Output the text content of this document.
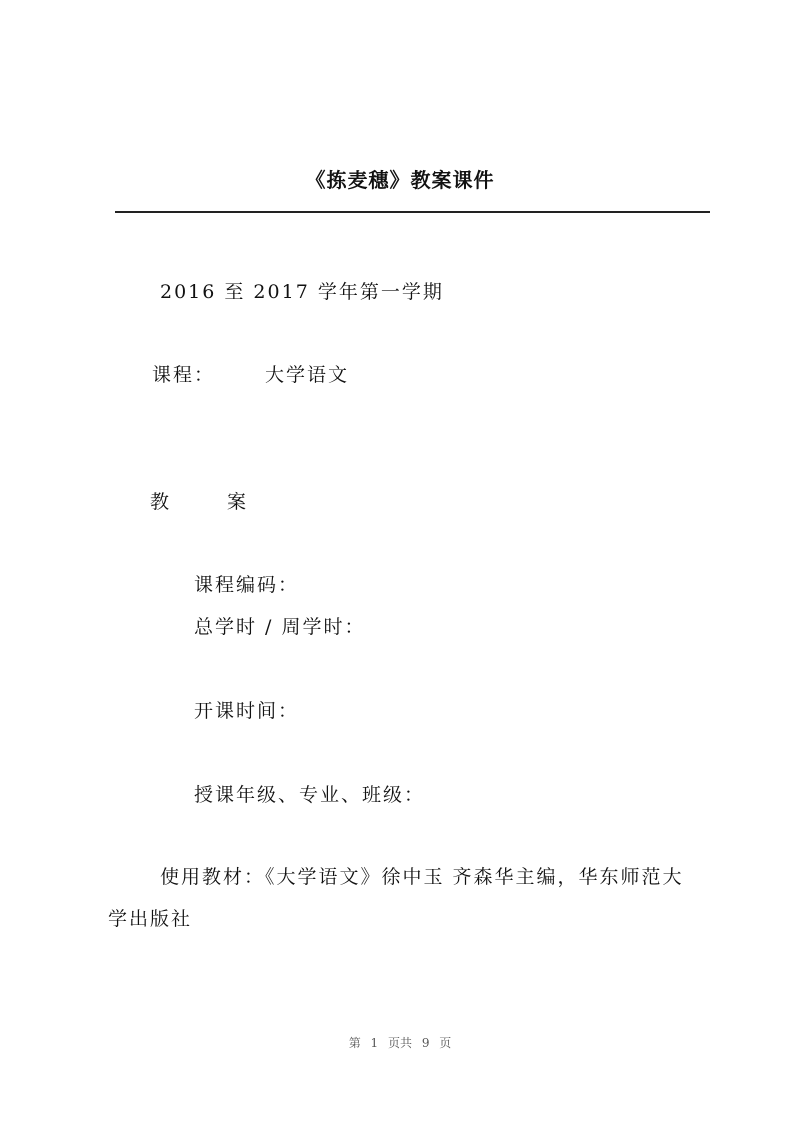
《拣麦穗》教案课件
2016 至 2017 学年第一学期
课程：	大学语文
教	案
课程编码：
总学时 / 周学时：
开课时间：
授课年级、专业、班级：
使用教材：《大学语文》徐中玉 齐森华主编，华东师范大
学出版社
第 1 页共 9 页
